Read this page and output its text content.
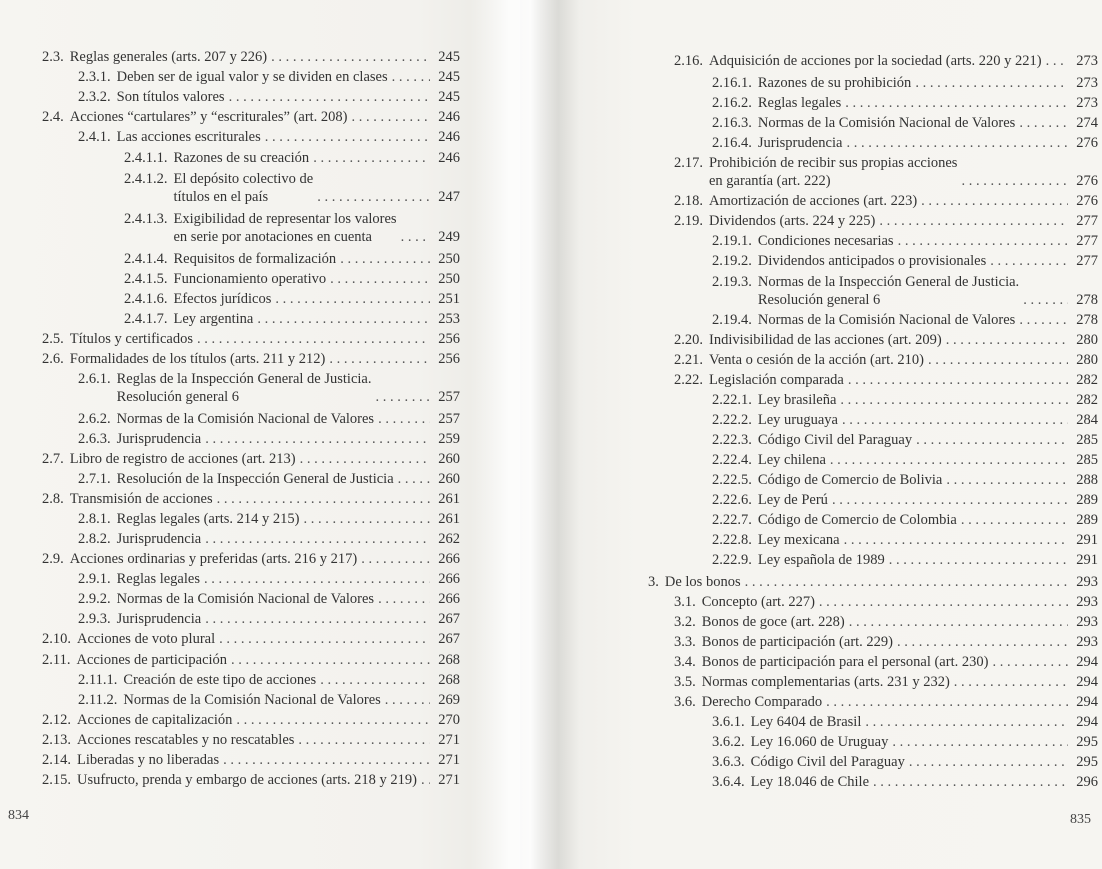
2.3. Reglas generales (arts. 207 y 226) . . .	245
2.3.1. Deben ser de igual valor y se dividen en clases . . .	245
2.3.2. Son títulos valores . . .	245
2.4. Acciones “cartulares” y “escriturales” (art. 208) . . .	246
2.4.1. Las acciones escriturales . . .	246
2.4.1.1. Razones de su creación . . .	246
2.4.1.2. El depósito colectivo de
títulos en el país . . .	247
2.4.1.3. Exigibilidad de representar los valores
en serie por anotaciones en cuenta . . .	249
2.4.1.4. Requisitos de formalización . . .	250
2.4.1.5. Funcionamiento operativo . . .	250
2.4.1.6. Efectos jurídicos . . .	251
2.4.1.7. Ley argentina . . .	253
2.5. Títulos y certificados . . .	256
2.6. Formalidades de los títulos (arts. 211 y 212) . . .	256
2.6.1. Reglas de la Inspección General de Justicia.
Resolución general 6 . . .	257
2.6.2. Normas de la Comisión Nacional de Valores . . .	257
2.6.3. Jurisprudencia . . .	259
2.7. Libro de registro de acciones (art. 213) . . .	260
2.7.1. Resolución de la Inspección General de Justicia . . .	260
2.8. Transmisión de acciones . . .	261
2.8.1. Reglas legales (arts. 214 y 215) . . .	261
2.8.2. Jurisprudencia . . .	262
2.9. Acciones ordinarias y preferidas (arts. 216 y 217) . . .	266
2.9.1. Reglas legales . . .	266
2.9.2. Normas de la Comisión Nacional de Valores . . .	266
2.9.3. Jurisprudencia . . .	267
2.10. Acciones de voto plural . . .	267
2.11. Acciones de participación . . .	268
2.11.1. Creación de este tipo de acciones . . .	268
2.11.2. Normas de la Comisión Nacional de Valores . . .	269
2.12. Acciones de capitalización . . .	270
2.13. Acciones rescatables y no rescatables . . .	271
2.14. Liberadas y no liberadas . . .	271
2.15. Usufructo, prenda y embargo de acciones (arts. 218 y 219) . . . 271
2.16. Adquisición de acciones por la sociedad (arts. 220 y 221) . . . 273
2.16.1. Razones de su prohibición . . .	273
2.16.2. Reglas legales . . .	273
2.16.3. Normas de la Comisión Nacional de Valores . . .	274
2.16.4. Jurisprudencia . . .	276
2.17. Prohibición de recibir sus propias acciones
en garantía (art. 222) . . .	276
2.18. Amortización de acciones (art. 223) . . .	276
2.19. Dividendos (arts. 224 y 225) . . .	277
2.19.1. Condiciones necesarias . . .	277
2.19.2. Dividendos anticipados o provisionales . . .	277
2.19.3. Normas de la Inspección General de Justicia.
Resolución general 6 . . .	278
2.19.4. Normas de la Comisión Nacional de Valores . . .	278
2.20. Indivisibilidad de las acciones (art. 209) . . .	280
2.21. Venta o cesión de la acción (art. 210) . . .	280
2.22. Legislación comparada . . .	282
2.22.1. Ley brasileña . . .	282
2.22.2. Ley uruguaya . . .	284
2.22.3. Código Civil del Paraguay . . .	285
2.22.4. Ley chilena . . .	285
2.22.5. Código de Comercio de Bolivia . . .	288
2.22.6. Ley de Perú . . .	289
2.22.7. Código de Comercio de Colombia . . .	289
2.22.8. Ley mexicana . . .	291
2.22.9. Ley española de 1989 . . .	291
3. De los bonos . . .	293
3.1. Concepto (art. 227) . . .	293
3.2. Bonos de goce (art. 228) . . .	293
3.3. Bonos de participación (art. 229) . . .	293
3.4. Bonos de participación para el personal (art. 230) . . .	294
3.5. Normas complementarias (arts. 231 y 232) . . .	294
3.6. Derecho Comparado . . .	294
3.6.1. Ley 6404 de Brasil . . .	294
3.6.2. Ley 16.060 de Uruguay . . .	295
3.6.3. Código Civil del Paraguay . . .	295
3.6.4. Ley 18.046 de Chile . . .	296
834	835
